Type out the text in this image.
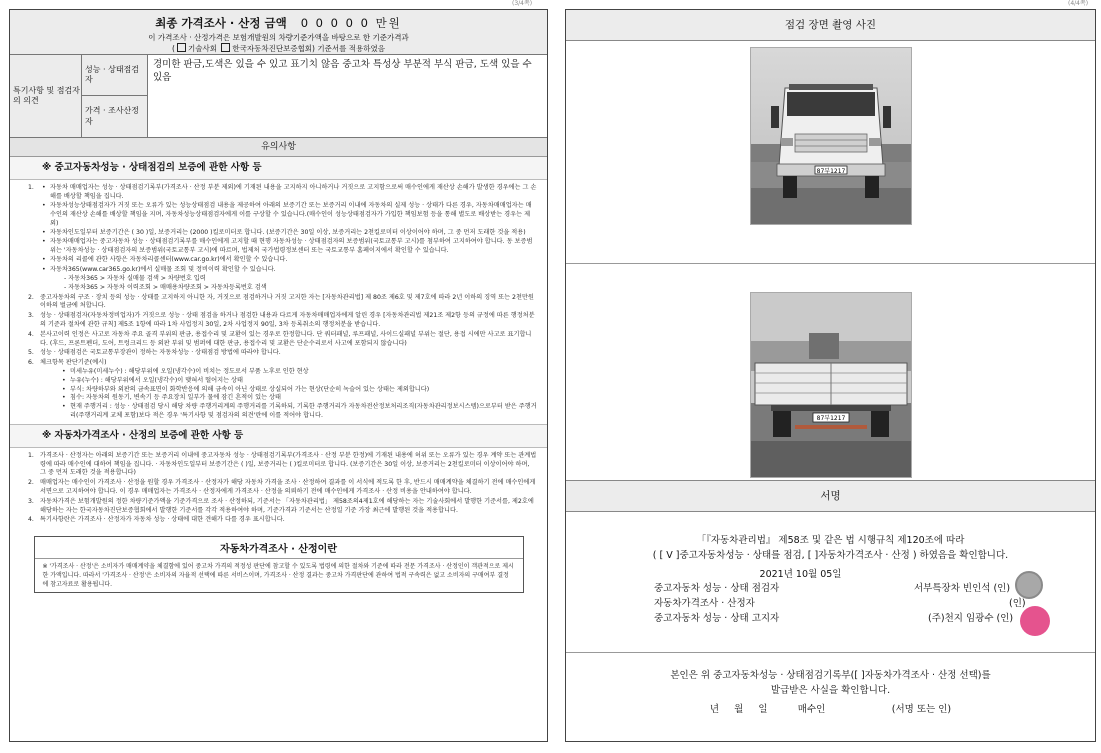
최종 가격조사 · 산정 금액 0 0 0 0 0 만원
이 가격조사 · 산정가격은 보험개발원의 차량기준가액을 바탕으로 한 기준가격과
( 기술사회 한국자동차진단보증협회) 기준서를 적용하였음
특기사항 및 점검자의 의견
성능 · 상태점검자
경미한 판금,도색은 있을 수 있고 표기치 않음 중고차 특성상 부분적 부식 판금, 도색 있을 수 있음
가격 · 조사산정자
유의사항
※ 중고자동차성능 · 상태점검의 보증에 관한 사항 등
1.
•	자동차 매매업자는 성능 · 상태점검기록부(가격조사 · 산정 부분 제외)에 기재된 내용을 고지하지 아니하거나 거짓으로 고지함으로써 매수인에게 재산상 손해가 발생한 경우에는 그 손해를 배상할 책임을 집니다.
• 자동차성능상태점검자가 거짓 또는 오류가 있는 성능상태점검 내용을 제공하여 아래의 보증기간 또는 보증거리 이내에 자동차의 실제 성능 · 상태가 다른 경우, 자동차매매업자는 매수인의 재산상 손해를 배상할 책임을 지며, 자동차성능상태점검자에게 이를 구상할 수 있습니다.(매수인이 성능상태점검자가 가입한 책임보험 등을 통해 별도로 배상받는 경우는 제외)
• 자동차인도일부터 보증기간은 ( 30 )일, 보증거리는 (2000 )킬로미터로 합니다. (보증기간은 30일 이상, 보증거리는 2천킬로미터 이상이어야 하며, 그 중 먼저 도래한 것을 적용)
• 자동차매매업자는 중고자동차 성능 · 상태점검기록부를 매수인에게 고지할 때 현행 자동차성능 · 상태점검자의 보증범위(국토교통부 고시)를 첨부하여 고지하여야 합니다. 동 보증범위는 '자동차성능 · 상태점검자의 보증범위(국토교통부 고시)에 따르며, 법제처 국가법령정보센터 또는 국토교통부 홈페이지에서 확인할 수 있습니다.
• 자동차의 리콜에 관한 사항은 자동차리콜센터(www.car.go.kr)에서 확인할 수 있습니다.
• 자동차365(www.car365.go.kr)에서 실매물 조회 및 정비이력 확인할 수 있습니다.
- 자동차365 > 자동차 실매물 검색 > 차량번호 입력
- 자동차365 > 자동차 이력조회 > 매매용차량조회 > 자동차등록번호 검색
2. 중고자동차의 구조 · 장치 등의 성능 · 상태를 고지하지 아니한 자, 거짓으로 점검하거나 거짓 고지한 자는 [자동차관리법] 제 80조 제6호 및 제7호에 따라 2년 이하의 징역 또는 2천만원 이하의 벌금에 처합니다.
3. 성능 · 상태점검자(자동차정비업자)가 거짓으로 성능 · 상태 점검을 하거나 점검한 내용과 다르게 자동차매매업자에게 알린 경우 [자동차관리법 제21조 제2항 등의 규정에 따른 행정처분의 기준과 절차에 관한 규칙] 제5조 1항에 따라 1차 사업정지 30일, 2차 사업정지 90일, 3차 등록취소의 행정처분을 받습니다.
4. 본사고이력 인정은 사고로 자동차 주요 골격 부위의 판금, 용접수리 및 교환이 있는 경우로 한정합니다. 단 쿼터패널, 루프패널, 사이드실패널 부위는 절단, 용접 시에만 사고로 표기합니다. (후드, 프론트펜더, 도어, 트렁크리드 등 외판 부위 및 범퍼에 대한 판금, 용접수리 및 교환은 단순수리로서 사고에 포함되지 않습니다)
5. 성능 · 상태점검은 국토교통부장관이 정하는 자동차성능 · 상태점검 방법에 따라야 합니다.
6. 체크항목 판단기준(예시)
• 미세누유(미세누수) : 해당부위에 오일(냉각수)이 비치는 정도로서 부품 노후로 인한 현상
• 누유(누수) : 해당부위에서 오일(냉각수)이 맺혀서 떨어지는 상태
• 부식: 차량하부와 외판의 금속표면이 화학반응에 의해 금속이 아닌 상태로 상실되어 가는 현상(단순히 녹슬어 있는 상태는 제외합니다)
• 침수: 자동차의 원동기, 변속기 등 주요장치 일부가 물에 잠긴 흔적이 있는 상태
• 현재 주행거리 : 성능 · 상태점검 당시 해당 차량 주행거리계의 주행거리를 기록하되, 기록한 주행거리가 자동차전산정보처리조직(자동차관리정보시스템)으로부터 받은 주행거리(주행거리계 교체 포함)보다 적은 경우 '특기사항 및 점검자의 의견'란에 이를 적어야 합니다.
※ 자동차가격조사 · 산정의 보증에 관한 사항 등
1. 가격조사 · 산정자는 아래의 보증기간 또는 보증거리 이내에 중고자동차 성능 · 상태점검기록부(가격조사 · 산정 부분 한정)에 기재된 내용에 허위 또는 오류가 있는 경우 계약 또는 관계법령에 따라 매수인에 대하여 책임을 집니다. · 자동차인도일부터 보증기간은 ( )일, 보증거리는 ( )킬로미터로 합니다. (보증기간은 30일 이상, 보증거리는 2천킬로미터 이상이어야 하며, 그 중 먼저 도래한 것을 적용합니다)
2. 매매업자는 매수인이 가격조사 · 산정을 원할 경우 가격조사 · 산정자가 해당 자동차 가격을 조사 · 산정하여 결과를 이 서식에 적도록 한 후, 반드시 매매계약을 체결하기 전에 매수인에게 서면으로 고지하여야 합니다. 이 경우 매매업자는 가격조사 · 산정자에게 가격조사 · 산정을 의뢰하기 전에 매수인에게 가격조사 · 산정 비용을 안내하여야 합니다.
3. 자동차가격은 보험개발원의 정한 차량기준가액을 기준가격으로 조사 · 산정하되, 기준서는 「자동차관리법」 제58조의4제1호에 해당하는 자는 기술사회에서 발행한 기준서를, 제2호에 해당하는 자는 한국자동차진단보증협회에서 발행한 기준서를 각각 적용하여야 하며, 기준가격과 기준서는 산정일 기준 가장 최근에 발행된 것을 적용합니다.
4. 특기사항란은 가격조사 · 산정자가 자동차 성능 · 상태에 대한 견해가 다를 경우 표시합니다.
자동차가격조사 · 산정이란
※ '가격조사 · 산정'은 소비자가 매매계약을 체결함에 있어 중고차 가격의 적정성 판단에 참고할 수 있도록 법령에 의한 절차와 기준에 따라 전문 가격조사 · 산정인이 객관적으로 제시한 가액입니다. 따라서 '가격조사 · 산정'은 소비자의 자율적 선택에 따른 서비스이며, 가격조사 · 산정 결과는 중고차 가격판단에 관하여 법적 구속력은 없고 소비자의 구매여부 결정에 참고자료로 활용됩니다.
점검 장면 촬영 사진
87부1217
87부1217
서명
「『자동차관리법』 제58조 및 같은 법 시행규칙 제120조에 따라
( [ V ]중고자동차성능 · 상태를 점검, [ ]자동차가격조사 · 산정 ) 하였음을 확인합니다.
2021년 10월 05일
중고자동차 성능 · 상태 점검자	서부특장차 빈인석 (인)
자동차가격조사 · 산정자	(인)
중고자동차 성능 · 상태 고지자	(주)천지 임광수 (인)
본인은 위 중고자동차성능 · 상태점검기록부([ ]자동차가격조사 · 산정 선택)를
발급받은 사실을 확인합니다.
년     월     일          매수인                      (서명 또는 인)
(3/4쪽)	(4/4쪽)
